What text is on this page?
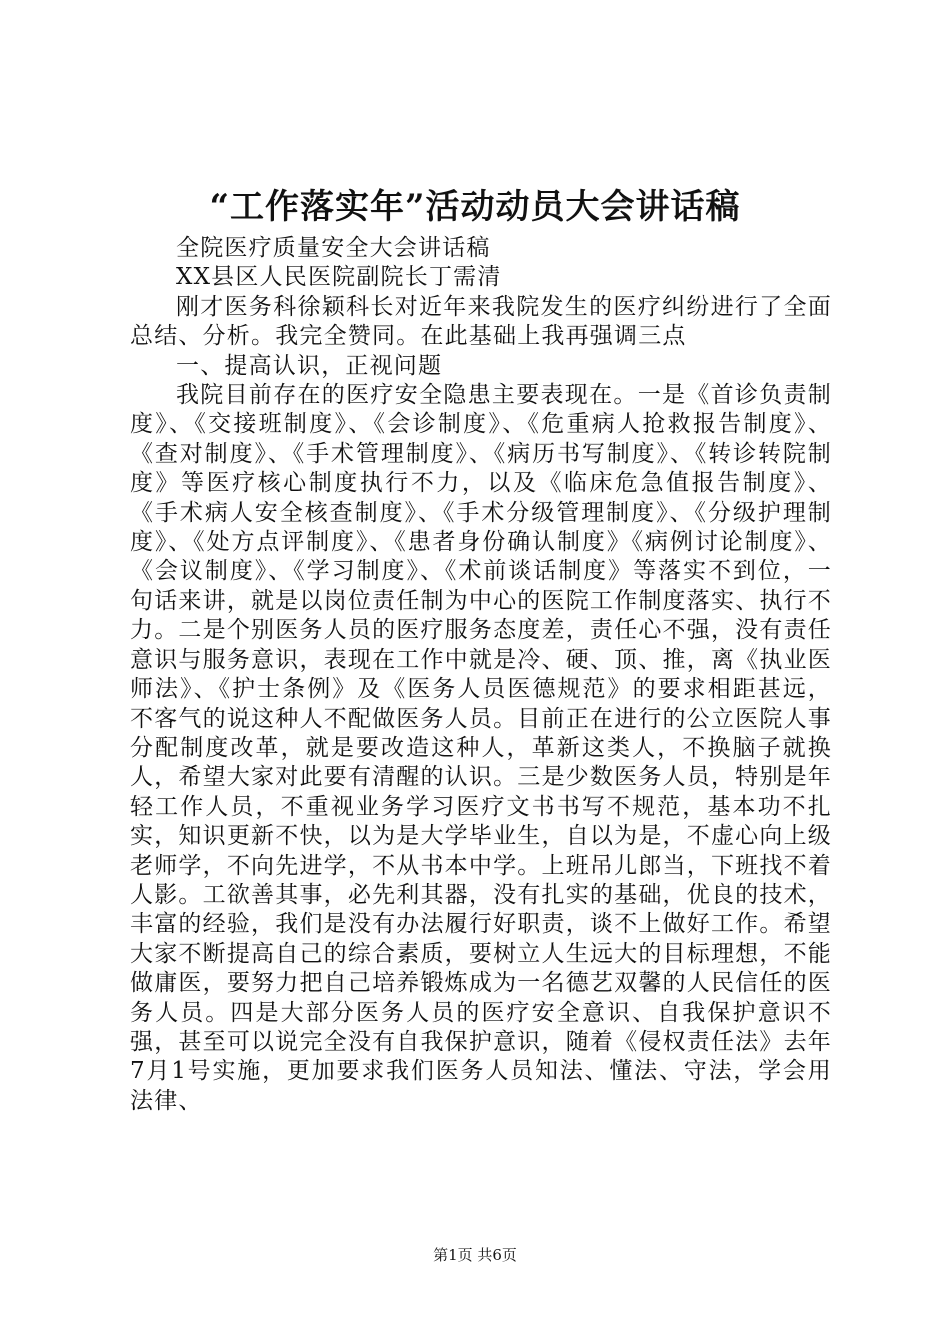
“工作落实年”活动动员大会讲话稿

全院医疗质量安全大会讲话稿

XX县区人民医院副院长丁需清

刚才医务科徐颖科长对近年来我院发生的医疗纠纷进行了全面总结、分析。我完全赞同。在此基础上我再强调三点

一、提高认识，正视问题

我院目前存在的医疗安全隐患主要表现在。一是《首诊负责制度》、《交接班制度》、《会诊制度》、《危重病人抢救报告制度》、《查对制度》、《手术管理制度》、《病历书写制度》、《转诊转院制度》等医疗核心制度执行不力，以及《临床危急值报告制度》、《手术病人安全核查制度》、《手术分级管理制度》、《分级护理制度》、《处方点评制度》、《患者身份确认制度》《病例讨论制度》、《会议制度》、《学习制度》、《术前谈话制度》等落实不到位，一句话来讲，就是以岗位责任制为中心的医院工作制度落实、执行不力。二是个别医务人员的医疗服务态度差，责任心不强，没有责任意识与服务意识，表现在工作中就是冷、硬、顶、推，离《执业医师法》、《护士条例》及《医务人员医德规范》的要求相距甚远，不客气的说这种人不配做医务人员。目前正在进行的公立医院人事分配制度改革，就是要改造这种人，革新这类人，不换脑子就换人，希望大家对此要有清醒的认识。三是少数医务人员，特别是年轻工作人员，不重视业务学习医疗文书书写不规范，基本功不扎实，知识更新不快，以为是大学毕业生，自以为是，不虚心向上级老师学，不向先进学，不从书本中学。上班吊儿郎当，下班找不着人影。工欲善其事，必先利其器，没有扎实的基础，优良的技术，丰富的经验，我们是没有办法履行好职责，谈不上做好工作。希望大家不断提高自己的综合素质，要树立人生远大的目标理想，不能做庸医，要努力把自己培养锻炼成为一名德艺双馨的人民信任的医务人员。四是大部分医务人员的医疗安全意识、自我保护意识不强，甚至可以说完全没有自我保护意识，随着《侵权责任法》去年7月1号实施，更加要求我们医务人员知法、懂法、守法，学会用法律、

第1页 共6页
